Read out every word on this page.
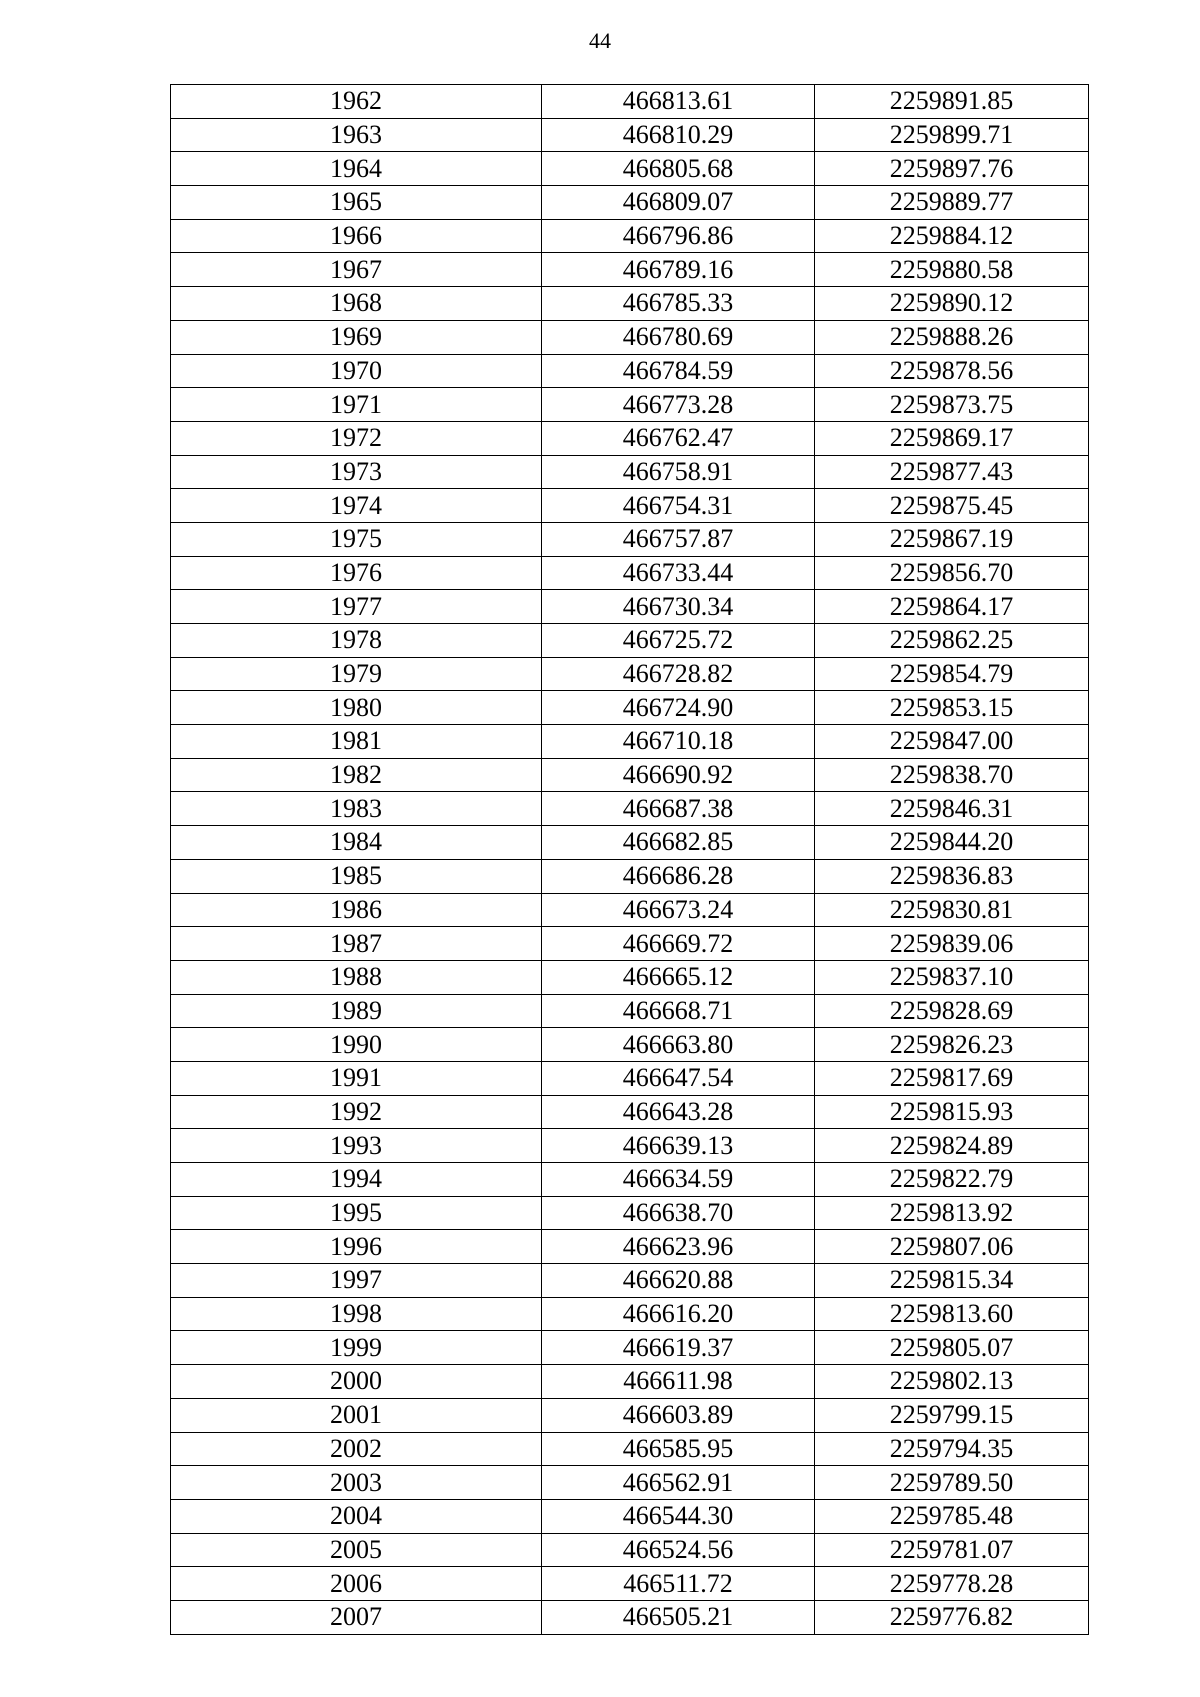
44
1962	466813.61	2259891.85
1963	466810.29	2259899.71
1964	466805.68	2259897.76
1965	466809.07	2259889.77
1966	466796.86	2259884.12
1967	466789.16	2259880.58
1968	466785.33	2259890.12
1969	466780.69	2259888.26
1970	466784.59	2259878.56
1971	466773.28	2259873.75
1972	466762.47	2259869.17
1973	466758.91	2259877.43
1974	466754.31	2259875.45
1975	466757.87	2259867.19
1976	466733.44	2259856.70
1977	466730.34	2259864.17
1978	466725.72	2259862.25
1979	466728.82	2259854.79
1980	466724.90	2259853.15
1981	466710.18	2259847.00
1982	466690.92	2259838.70
1983	466687.38	2259846.31
1984	466682.85	2259844.20
1985	466686.28	2259836.83
1986	466673.24	2259830.81
1987	466669.72	2259839.06
1988	466665.12	2259837.10
1989	466668.71	2259828.69
1990	466663.80	2259826.23
1991	466647.54	2259817.69
1992	466643.28	2259815.93
1993	466639.13	2259824.89
1994	466634.59	2259822.79
1995	466638.70	2259813.92
1996	466623.96	2259807.06
1997	466620.88	2259815.34
1998	466616.20	2259813.60
1999	466619.37	2259805.07
2000	466611.98	2259802.13
2001	466603.89	2259799.15
2002	466585.95	2259794.35
2003	466562.91	2259789.50
2004	466544.30	2259785.48
2005	466524.56	2259781.07
2006	466511.72	2259778.28
2007	466505.21	2259776.82
